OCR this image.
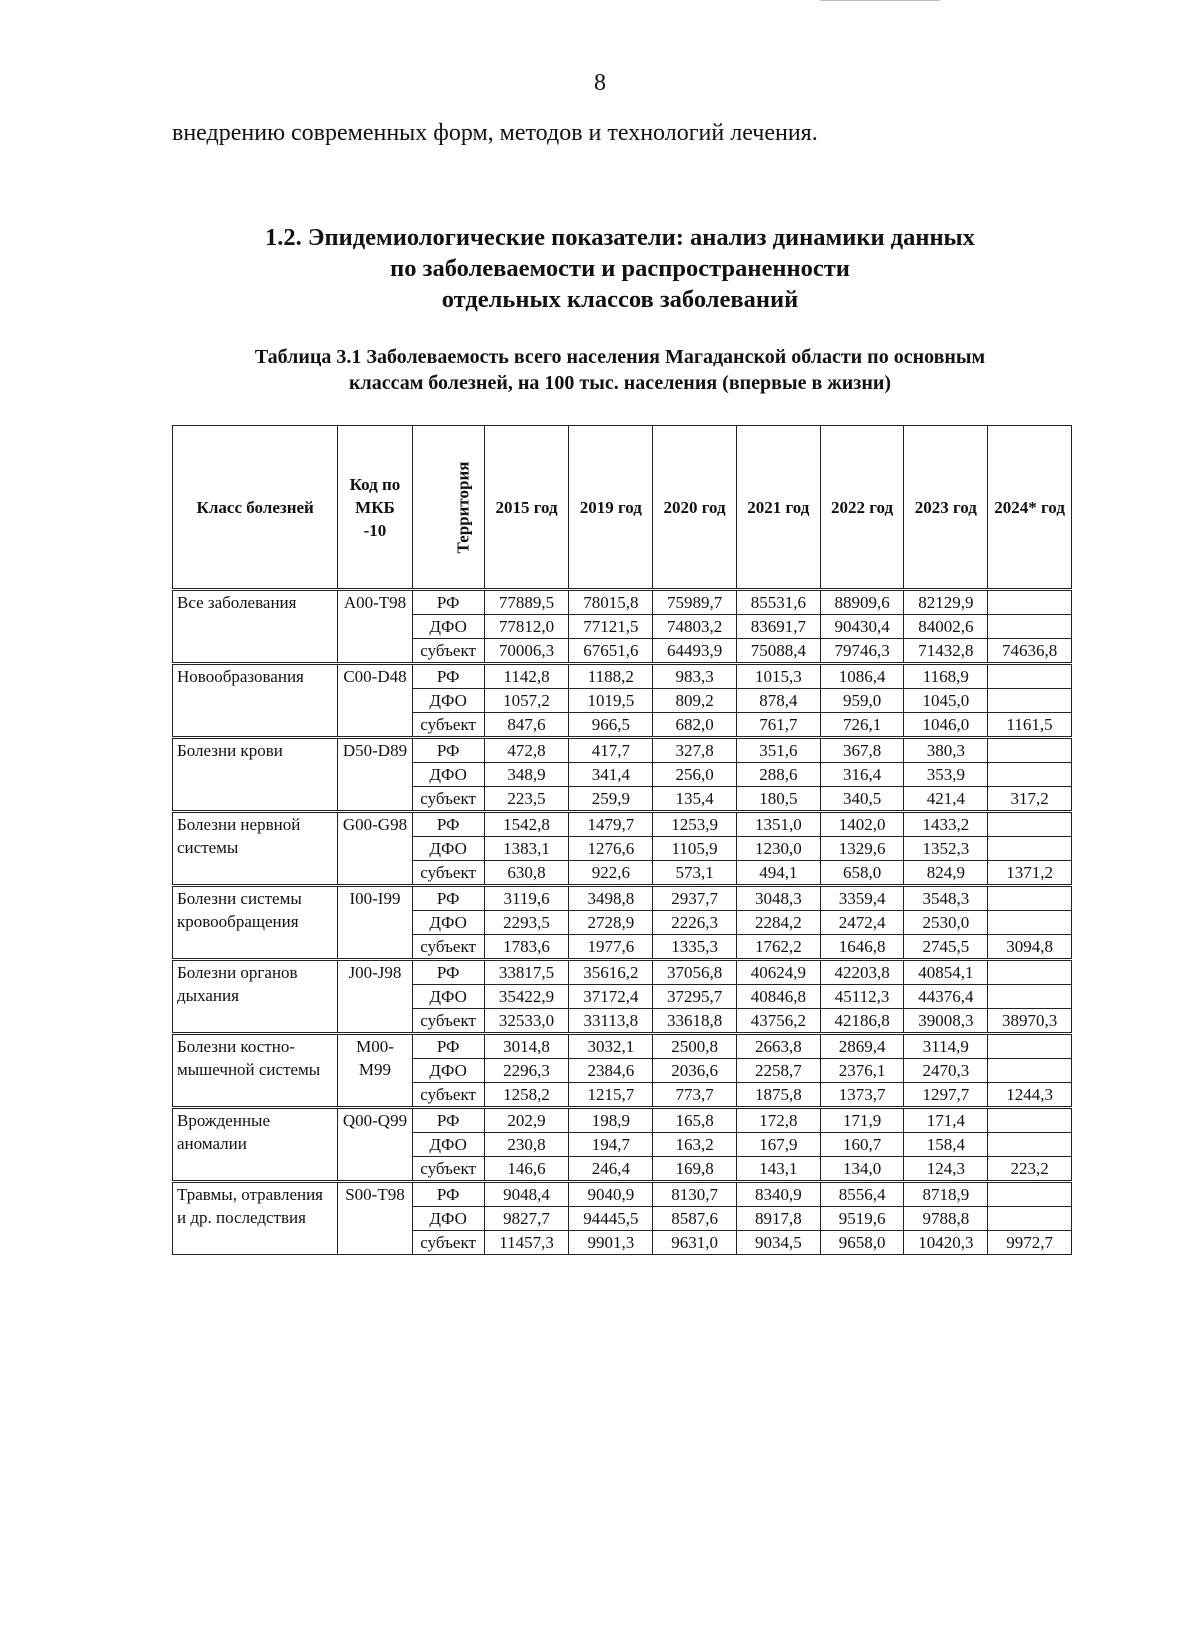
8
внедрению современных форм, методов и технологий лечения.
1.2. Эпидемиологические показатели: анализ динамики данных
по заболеваемости и распространенности
отдельных классов заболеваний
Таблица 3.1 Заболеваемость всего населения Магаданской области по основным
классам болезней, на 100 тыс. населения (впервые в жизни)
Класс болезней	Код по МКБ -10	Территория	2015 год	2019 год	2020 год	2021 год	2022 год	2023 год	2024* год
Все заболевания	A00-T98	РФ	77889,5	78015,8	75989,7	85531,6	88909,6	82129,9	
		ДФО	77812,0	77121,5	74803,2	83691,7	90430,4	84002,6	
		субъект	70006,3	67651,6	64493,9	75088,4	79746,3	71432,8	74636,8
Новообразования	C00-D48	РФ	1142,8	1188,2	983,3	1015,3	1086,4	1168,9	
		ДФО	1057,2	1019,5	809,2	878,4	959,0	1045,0	
		субъект	847,6	966,5	682,0	761,7	726,1	1046,0	1161,5
Болезни крови	D50-D89	РФ	472,8	417,7	327,8	351,6	367,8	380,3	
		ДФО	348,9	341,4	256,0	288,6	316,4	353,9	
		субъект	223,5	259,9	135,4	180,5	340,5	421,4	317,2
Болезни нервной системы	G00-G98	РФ	1542,8	1479,7	1253,9	1351,0	1402,0	1433,2	
		ДФО	1383,1	1276,6	1105,9	1230,0	1329,6	1352,3	
		субъект	630,8	922,6	573,1	494,1	658,0	824,9	1371,2
Болезни системы кровообращения	I00-I99	РФ	3119,6	3498,8	2937,7	3048,3	3359,4	3548,3	
		ДФО	2293,5	2728,9	2226,3	2284,2	2472,4	2530,0	
		субъект	1783,6	1977,6	1335,3	1762,2	1646,8	2745,5	3094,8
Болезни органов дыхания	J00-J98	РФ	33817,5	35616,2	37056,8	40624,9	42203,8	40854,1	
		ДФО	35422,9	37172,4	37295,7	40846,8	45112,3	44376,4	
		субъект	32533,0	33113,8	33618,8	43756,2	42186,8	39008,3	38970,3
Болезни костно-мышечной системы	M00-M99	РФ	3014,8	3032,1	2500,8	2663,8	2869,4	3114,9	
		ДФО	2296,3	2384,6	2036,6	2258,7	2376,1	2470,3	
		субъект	1258,2	1215,7	773,7	1875,8	1373,7	1297,7	1244,3
Врожденные аномалии	Q00-Q99	РФ	202,9	198,9	165,8	172,8	171,9	171,4	
		ДФО	230,8	194,7	163,2	167,9	160,7	158,4	
		субъект	146,6	246,4	169,8	143,1	134,0	124,3	223,2
Травмы, отравления и др. последствия	S00-T98	РФ	9048,4	9040,9	8130,7	8340,9	8556,4	8718,9	
		ДФО	9827,7	94445,5	8587,6	8917,8	9519,6	9788,8	
		субъект	11457,3	9901,3	9631,0	9034,5	9658,0	10420,3	9972,7
